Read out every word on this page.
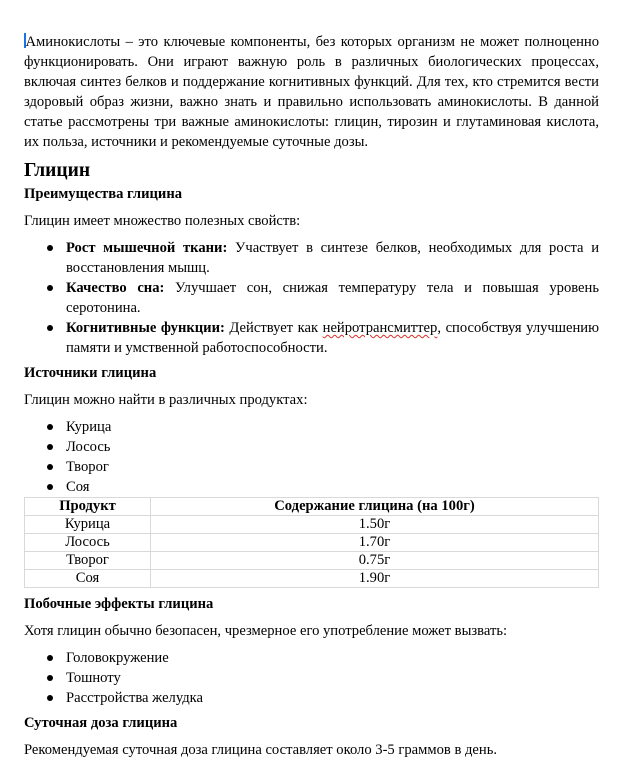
Аминокислоты – это ключевые компоненты, без которых организм не может полноценно функционировать. Они играют важную роль в различных биологических процессах, включая синтез белков и поддержание когнитивных функций. Для тех, кто стремится вести здоровый образ жизни, важно знать и правильно использовать аминокислоты. В данной статье рассмотрены три важные аминокислоты: глицин, тирозин и глутаминовая кислота, их польза, источники и рекомендуемые суточные дозы.

Глицин
Преимущества глицина

Глицин имеет множество полезных свойств:

Рост мышечной ткани: Участвует в синтезе белков, необходимых для роста и восстановления мышц.
Качество сна: Улучшает сон, снижая температуру тела и повышая уровень серотонина.
Когнитивные функции: Действует как нейротрансмиттер, способствуя улучшению памяти и умственной работоспособности.
Источники глицина

Глицин можно найти в различных продуктах:

Курица
Лосось
Творог
Соя
Продукт	Содержание глицина (на 100г)
Курица	1.50г
Лосось	1.70г
Творог	0.75г
Соя	1.90г
Побочные эффекты глицина

Хотя глицин обычно безопасен, чрезмерное его употребление может вызвать:

Головокружение
Тошноту
Расстройства желудка
Суточная доза глицина

Рекомендуемая суточная доза глицина составляет около 3-5 граммов в день.
